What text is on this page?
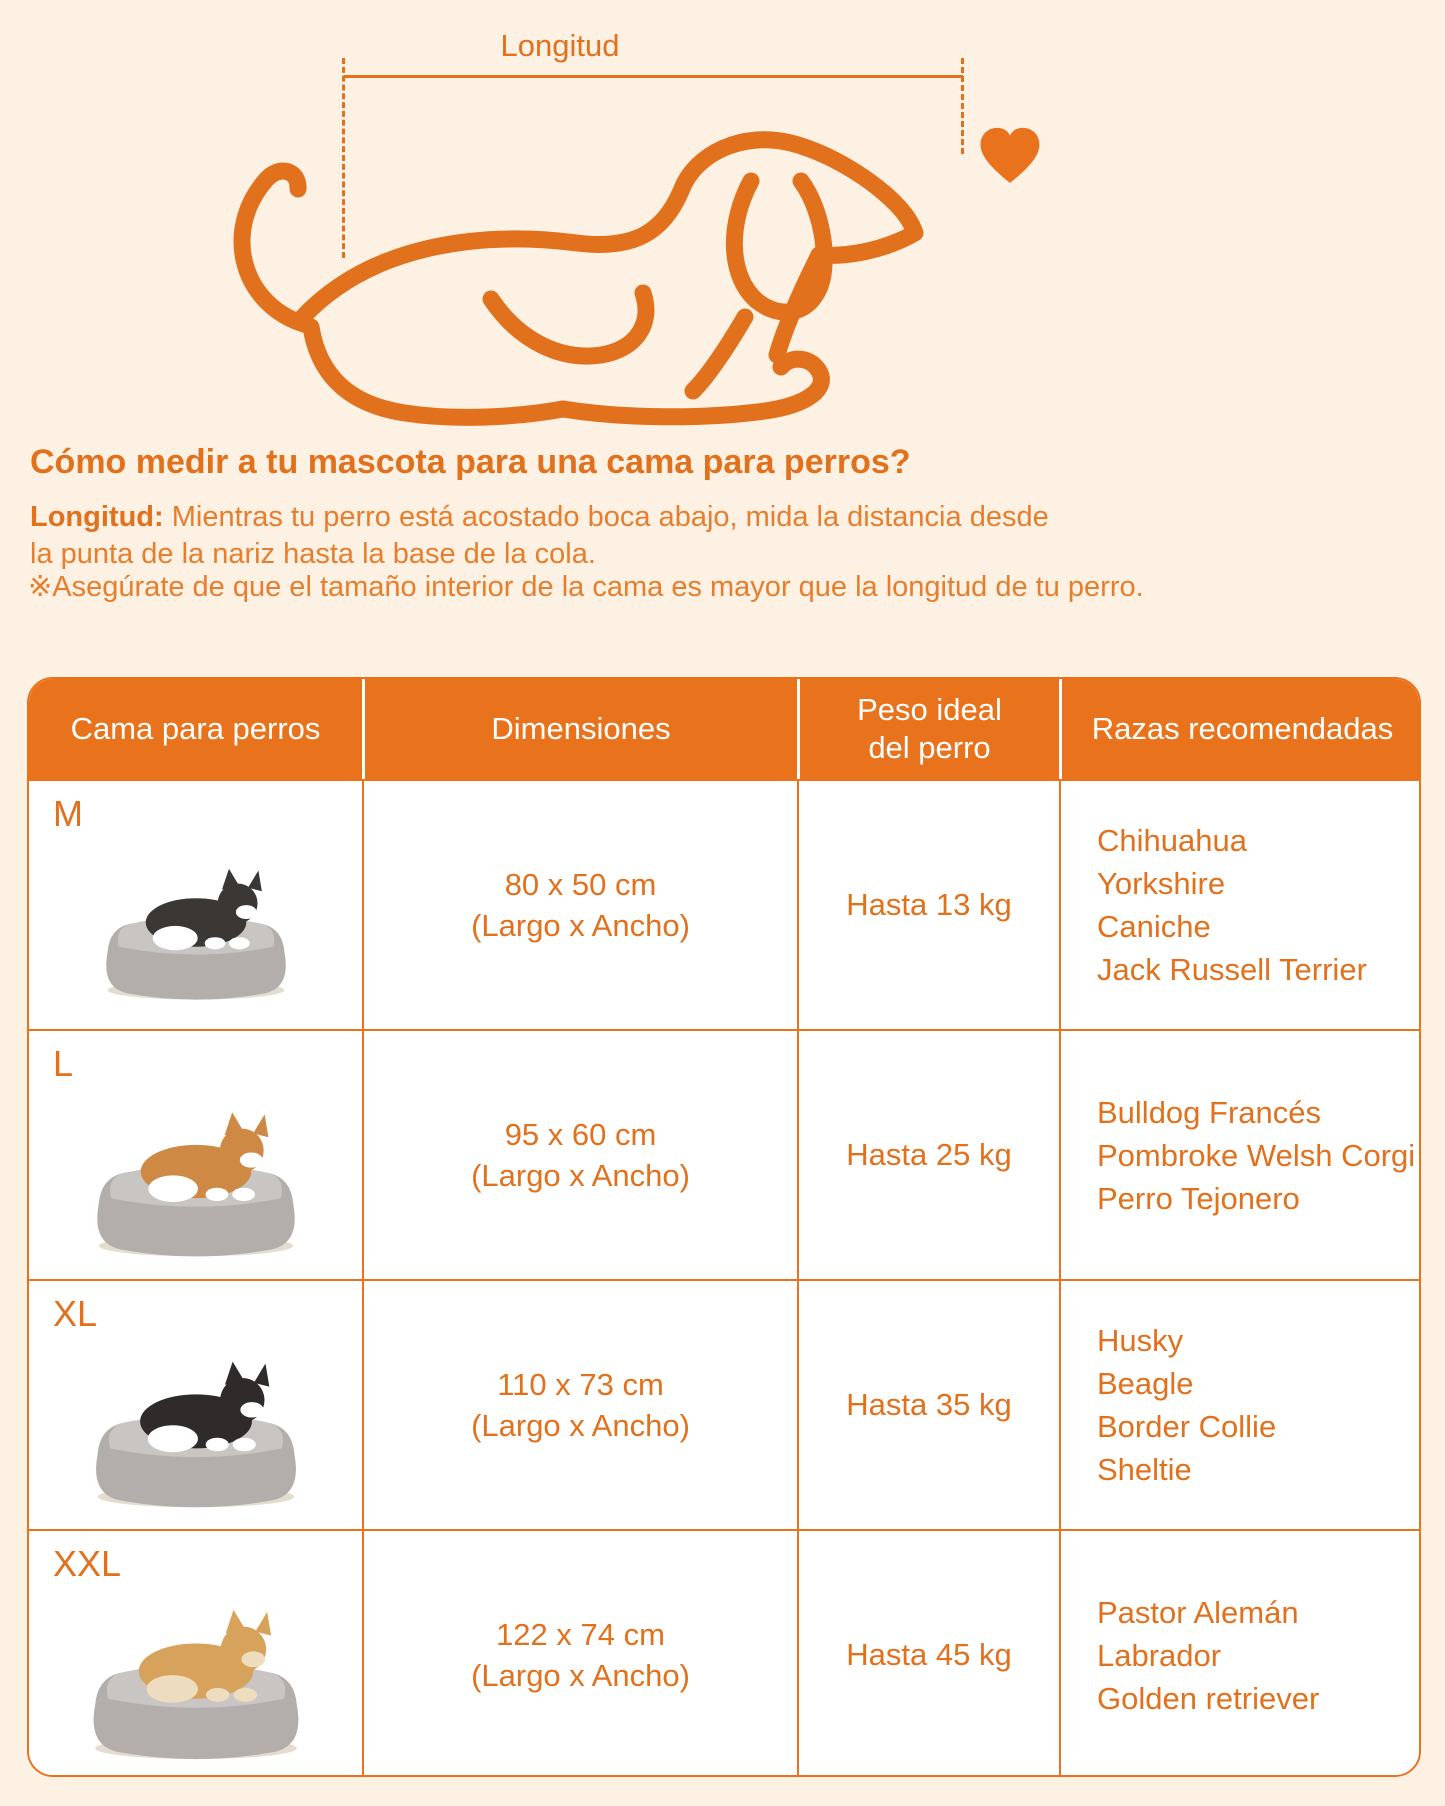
Longitud
Cómo medir a tu mascota para una cama para perros?

Longitud: Mientras tu perro está acostado boca abajo, mida la distancia desde la punta de la nariz hasta la base de la cola.

※Asegúrate de que el tamaño interior de la cama es mayor que la longitud de tu perro.

Cama para perros	Dimensiones
Peso ideal del perro
Razas recomendadas
M
80 x 50 cm
(Largo x Ancho)
Hasta 13 kg
Chihuahua
Yorkshire
Caniche
Jack Russell Terrier
L
95 x 60 cm
(Largo x Ancho)
Hasta 25 kg
Bulldog Francés
Pombroke Welsh Corgi
Perro Tejonero
XL
110 x 73 cm
(Largo x Ancho)
Hasta 35 kg
Husky
Beagle
Border Collie
Sheltie
XXL
122 x 74 cm
(Largo x Ancho)
Hasta 45 kg
Pastor Alemán
Labrador
Golden retriever
